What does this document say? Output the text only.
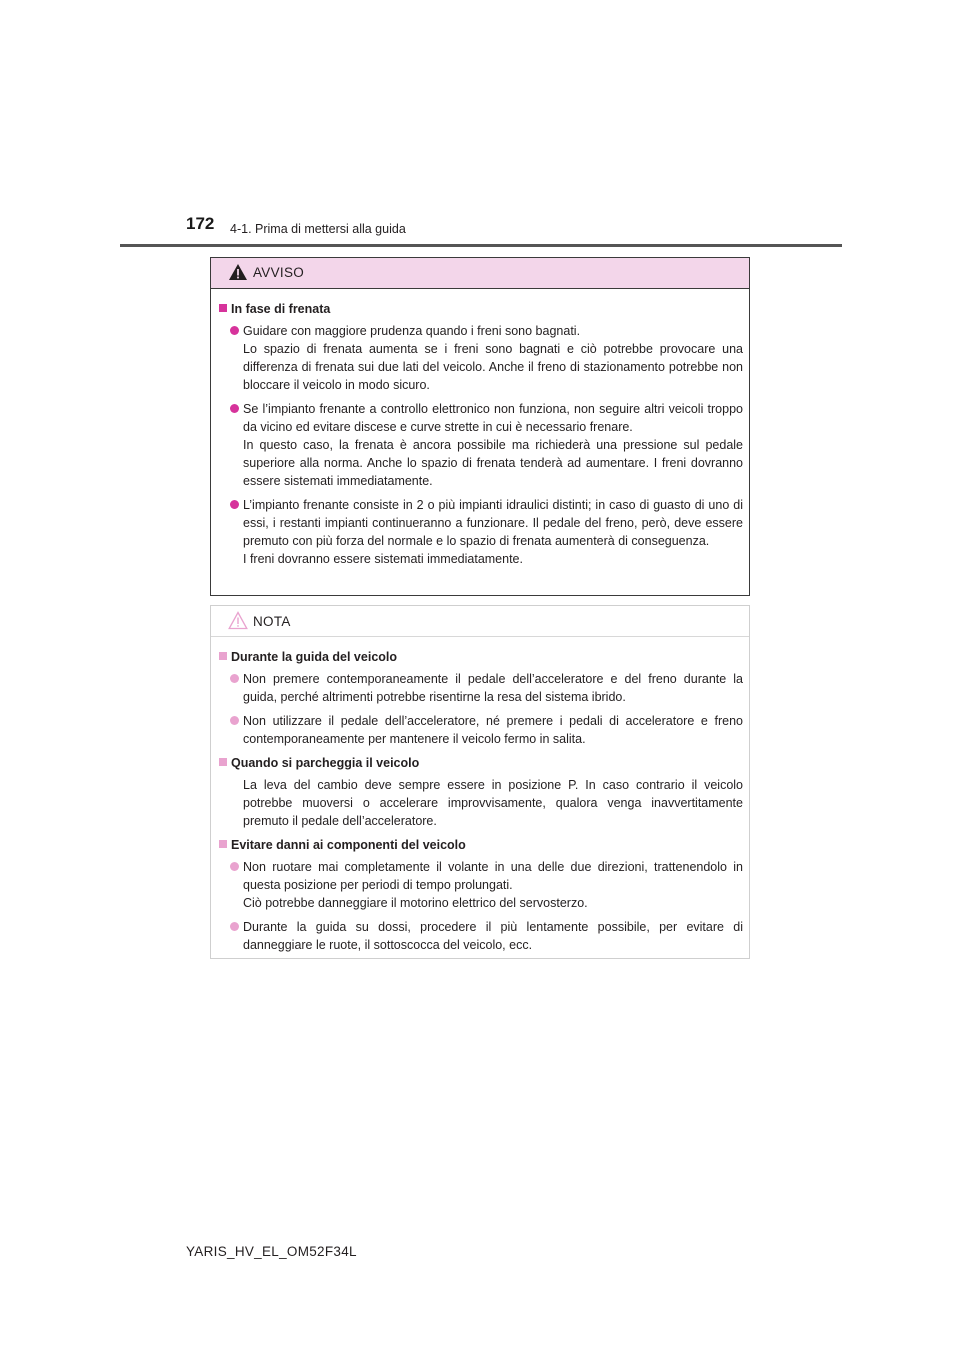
172 4-1. Prima di mettersi alla guida
AVVISO
In fase di frenata

Guidare con maggiore prudenza quando i freni sono bagnati.

Lo spazio di frenata aumenta se i freni sono bagnati e ciò potrebbe provocare una differenza di frenata sui due lati del veicolo. Anche il freno di stazionamento potrebbe non bloccare il veicolo in modo sicuro.

Se l’impianto frenante a controllo elettronico non funziona, non seguire altri veicoli troppo da vicino ed evitare discese e curve strette in cui è necessario frenare.

In questo caso, la frenata è ancora possibile ma richiederà una pressione sul pedale superiore alla norma. Anche lo spazio di frenata tenderà ad aumentare. I freni dovranno essere sistemati immediatamente.

L’impianto frenante consiste in 2 o più impianti idraulici distinti; in caso di guasto di uno di essi, i restanti impianti continueranno a funzionare. Il pedale del freno, però, deve essere premuto con più forza del normale e lo spazio di frenata aumenterà di conseguenza.

I freni dovranno essere sistemati immediatamente.

NOTA
Durante la guida del veicolo

Non premere contemporaneamente il pedale dell’acceleratore e del freno durante la guida, perché altrimenti potrebbe risentirne la resa del sistema ibrido.

Non utilizzare il pedale dell’acceleratore, né premere i pedali di acceleratore e freno contemporaneamente per mantenere il veicolo fermo in salita.

Quando si parcheggia il veicolo

La leva del cambio deve sempre essere in posizione P. In caso contrario il veicolo potrebbe muoversi o accelerare improvvisamente, qualora venga inavvertitamente premuto il pedale dell’acceleratore.

Evitare danni ai componenti del veicolo

Non ruotare mai completamente il volante in una delle due direzioni, trattenendolo in questa posizione per periodi di tempo prolungati.

Ciò potrebbe danneggiare il motorino elettrico del servosterzo.

Durante la guida su dossi, procedere il più lentamente possibile, per evitare di danneggiare le ruote, il sottoscocca del veicolo, ecc.

YARIS_HV_EL_OM52F34L
